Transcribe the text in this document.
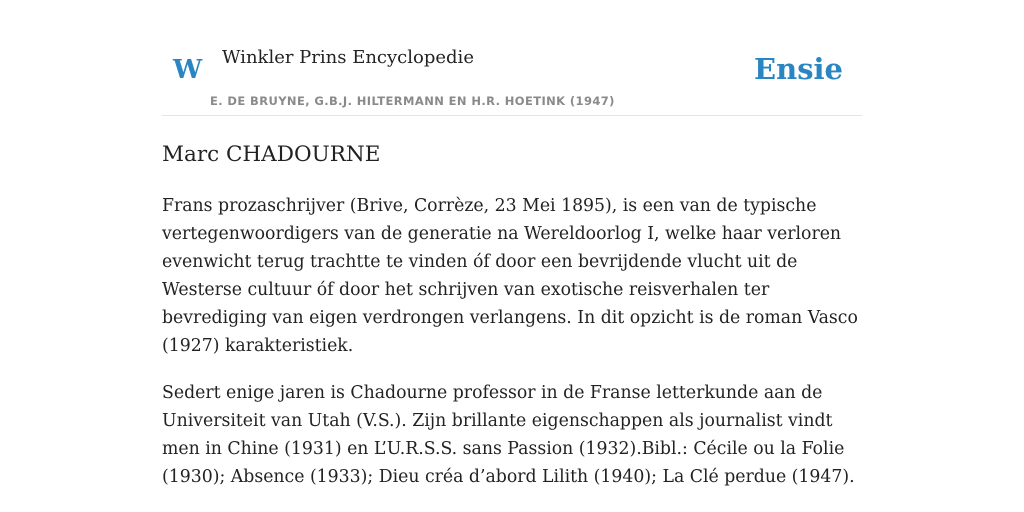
W Winkler Prins Encyclopedie	Ensie
E. DE BRUYNE, G.B.J. HILTERMANN EN H.R. HOETINK (1947)
Marc CHADOURNE

Frans prozaschrijver (Brive, Corrèze, 23 Mei 1895), is een van de typische vertegenwoordigers van de generatie na Wereldoorlog I, welke haar verloren evenwicht terug trachtte te vinden óf door een bevrijdende vlucht uit de Westerse cultuur óf door het schrijven van exotische reisverhalen ter bevrediging van eigen verdrongen verlangens. In dit opzicht is de roman Vasco (1927) karakteristiek.

Sedert enige jaren is Chadourne professor in de Franse letterkunde aan de Universiteit van Utah (V.S.). Zijn brillante eigenschappen als journalist vindt men in Chine (1931) en L’U.R.S.S. sans Passion (1932).Bibl.: Cécile ou la Folie (1930); Absence (1933); Dieu créa d’abord Lilith (1940); La Clé perdue (1947).
